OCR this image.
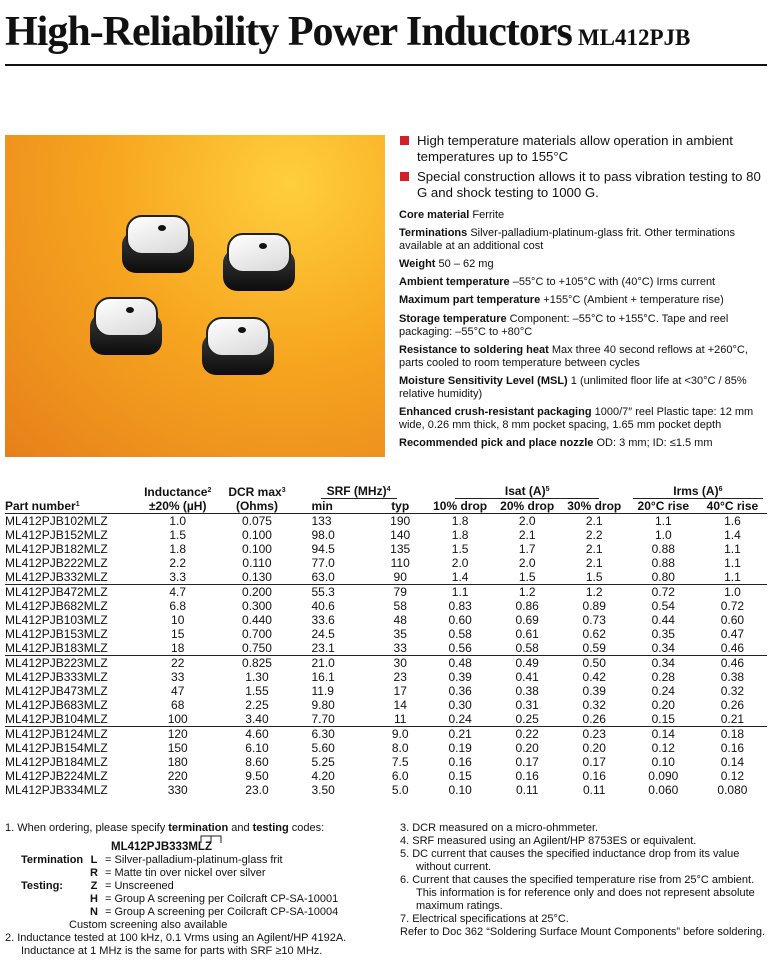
High-Reliability Power Inductors ML412PJB
High temperature materials allow operation in ambient temperatures up to 155°C
Special construction allows it to pass vibration testing to 80 G and shock testing to 1000 G.
Core material Ferrite
Terminations Silver-palladium-platinum-glass frit. Other terminations available at an additional cost
Weight 50 – 62 mg
Ambient temperature –55°C to +105°C with (40°C) Irms current
Maximum part temperature +155°C (Ambient + temperature rise)
Storage temperature Component: –55°C to +155°C. Tape and reel packaging: –55°C to +80°C
Resistance to soldering heat Max three 40 second reflows at +260°C, parts cooled to room temperature between cycles
Moisture Sensitivity Level (MSL) 1 (unlimited floor life at <30°C / 85% relative humidity)
Enhanced crush-resistant packaging 1000/7″ reel Plastic tape: 12 mm wide, 0.26 mm thick, 8 mm pocket spacing, 1.65 mm pocket depth
Recommended pick and place nozzle OD: 3 mm; ID: ≤1.5 mm
	Inductance$^2$	DCR $\max^3$	SRF (MHz)$^4$		Isat $(A)^5$			Irms $(A)^6$
Part number$^1$	±20% (µH)	(Ohms)	min	typ	10% drop	20% drop	30% drop	20°C rise	40°C rise
ML412PJB102MLZ	1.0	0.075	133	190	1.8	2.0	2.1	1.1	1.6
ML412PJB152MLZ	1.5	0.100	98.0	140	1.8	2.1	2.2	1.0	1.4
ML412PJB182MLZ	1.8	0.100	94.5	135	1.5	1.7	2.1	0.88	1.1
ML412PJB222MLZ	2.2	0.110	77.0	110	2.0	2.0	2.1	0.88	1.1
ML412PJB332MLZ	3.3	0.130	63.0	90	1.4	1.5	1.5	0.80	1.1
ML412PJB472MLZ	4.7	0.200	55.3	79	1.1	1.2	1.2	0.72	1.0
ML412PJB682MLZ	6.8	0.300	40.6	58	0.83	0.86	0.89	0.54	0.72
ML412PJB103MLZ	10	0.440	33.6	48	0.60	0.69	0.73	0.44	0.60
ML412PJB153MLZ	15	0.700	24.5	35	0.58	0.61	0.62	0.35	0.47
ML412PJB183MLZ	18	0.750	23.1	33	0.56	0.58	0.59	0.34	0.46
ML412PJB223MLZ	22	0.825	21.0	30	0.48	0.49	0.50	0.34	0.46
ML412PJB333MLZ	33	1.30	16.1	23	0.39	0.41	0.42	0.28	0.38
ML412PJB473MLZ	47	1.55	11.9	17	0.36	0.38	0.39	0.24	0.32
ML412PJB683MLZ	68	2.25	9.80	14	0.30	0.31	0.32	0.20	0.26
ML412PJB104MLZ	100	3.40	7.70	11	0.24	0.25	0.26	0.15	0.21
ML412PJB124MLZ	120	4.60	6.30	9.0	0.21	0.22	0.23	0.14	0.18
ML412PJB154MLZ	150	6.10	5.60	8.0	0.19	0.20	0.20	0.12	0.16
ML412PJB184MLZ	180	8.60	5.25	7.5	0.16	0.17	0.17	0.10	0.14
ML412PJB224MLZ	220	9.50	4.20	6.0	0.15	0.16	0.16	0.090	0.12
ML412PJB334MLZ	330	23.0	3.50	5.0	0.10	0.11	0.11	0.060	0.080
1. When ordering, please specify termination and testing codes:
ML412PJB333MLZ
Termination L = Silver-palladium-platinum-glass frit
R = Matte tin over nickel over silver
Testing:	Z = Unscreened
H = Group A screening per Coilcraft CP-SA-10001
N = Group A screening per Coilcraft CP-SA-10004
Custom screening also available
2. Inductance tested at 100 kHz, 0.1 Vrms using an Agilent/HP 4192A.
Inductance at 1 MHz is the same for parts with SRF ≥10 MHz.
3. DCR measured on a micro-ohmmeter.
4. SRF measured using an Agilent/HP 8753ES or equivalent.
5. DC current that causes the specified inductance drop from its value
without current.
6. Current that causes the specified temperature rise from 25°C ambient.
This information is for reference only and does not represent absolute
maximum ratings.
7. Electrical specifications at 25°C.
Refer to Doc 362 “Soldering Surface Mount Components” before soldering.
